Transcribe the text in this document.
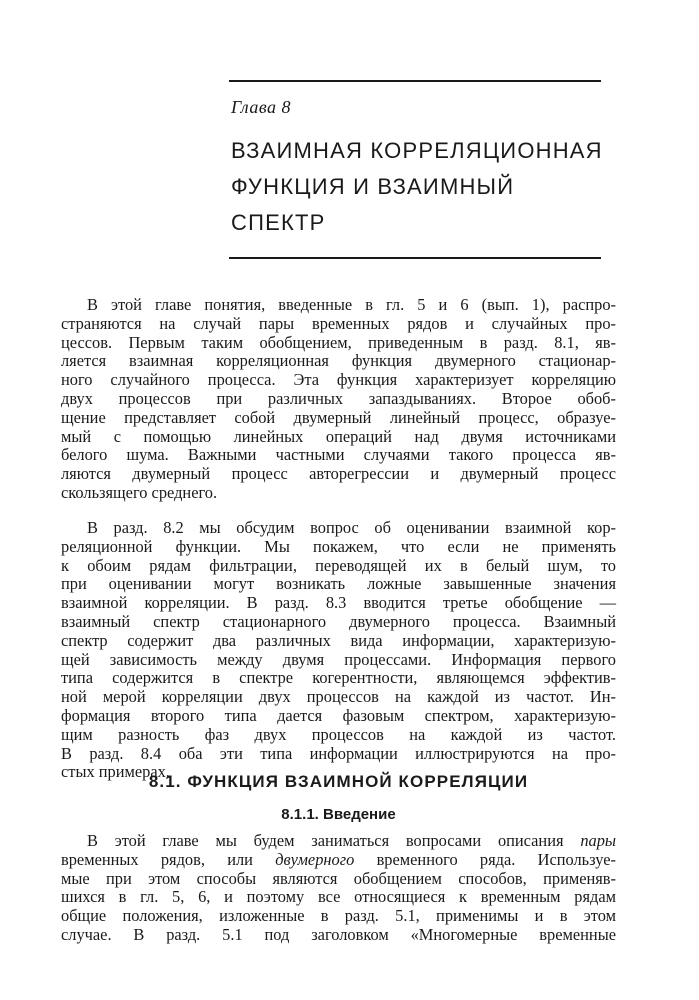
Глава 8
ВЗАИМНАЯ КОРРЕЛЯЦИОННАЯ
ФУНКЦИЯ И ВЗАИМНЫЙ
СПЕКТР
В этой главе понятия, введенные в гл. 5 и 6 (вып. 1), распро-
страняются на случай пары временных рядов и случайных про-
цессов. Первым таким обобщением, приведенным в разд. 8.1, яв-
ляется взаимная корреляционная функция двумерного стационар-
ного случайного процесса. Эта функция характеризует корреляцию
двух процессов при различных запаздываниях. Второе обоб-
щение представляет собой двумерный линейный процесс, образуе-
мый с помощью линейных операций над двумя источниками
белого шума. Важными частными случаями такого процесса яв-
ляются двумерный процесс авторегрессии и двумерный процесс
скользящего среднего.
В разд. 8.2 мы обсудим вопрос об оценивании взаимной кор-
реляционной функции. Мы покажем, что если не применять
к обоим рядам фильтрации, переводящей их в белый шум, то
при оценивании могут возникать ложные завышенные значения
взаимной корреляции. В разд. 8.3 вводится третье обобщение —
взаимный спектр стационарного двумерного процесса. Взаимный
спектр содержит два различных вида информации, характеризую-
щей зависимость между двумя процессами. Информация первого
типа содержится в спектре когерентности, являющемся эффектив-
ной мерой корреляции двух процессов на каждой из частот. Ин-
формация второго типа дается фазовым спектром, характеризую-
щим разность фаз двух процессов на каждой из частот.
В разд. 8.4 оба эти типа информации иллюстрируются на про-
стых примерах.
8.1. ФУНКЦИЯ ВЗАИМНОЙ КОРРЕЛЯЦИИ
8.1.1. Введение
В этой главе мы будем заниматься вопросами описания пары
временных рядов, или двумерного временного ряда. Используе-
мые при этом способы являются обобщением способов, применяв-
шихся в гл. 5, 6, и поэтому все относящиеся к временным рядам
общие положения, изложенные в разд. 5.1, применимы и в этом
случае. В разд. 5.1 под заголовком «Многомерные временные
